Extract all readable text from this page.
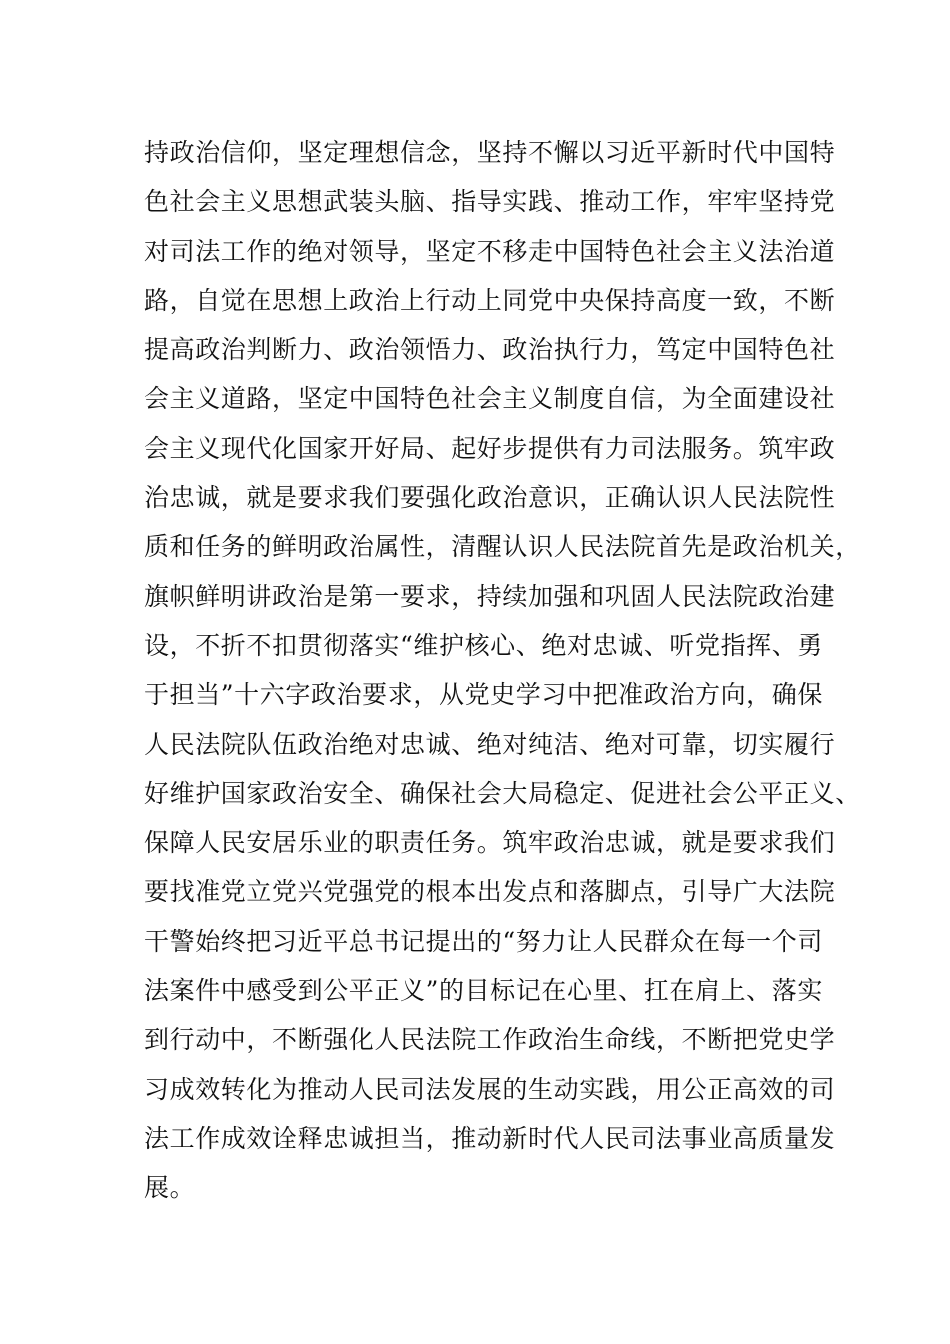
持政治信仰，坚定理想信念，坚持不懈以习近平新时代中国特
色社会主义思想武装头脑、指导实践、推动工作，牢牢坚持党
对司法工作的绝对领导，坚定不移走中国特色社会主义法治道
路，自觉在思想上政治上行动上同党中央保持高度一致，不断
提高政治判断力、政治领悟力、政治执行力，笃定中国特色社
会主义道路，坚定中国特色社会主义制度自信，为全面建设社
会主义现代化国家开好局、起好步提供有力司法服务。筑牢政
治忠诚，就是要求我们要强化政治意识，正确认识人民法院性
质和任务的鲜明政治属性，清醒认识人民法院首先是政治机关，
旗帜鲜明讲政治是第一要求，持续加强和巩固人民法院政治建
设，不折不扣贯彻落实“维护核心、绝对忠诚、听党指挥、勇
于担当”十六字政治要求，从党史学习中把准政治方向，确保
人民法院队伍政治绝对忠诚、绝对纯洁、绝对可靠，切实履行
好维护国家政治安全、确保社会大局稳定、促进社会公平正义、
保障人民安居乐业的职责任务。筑牢政治忠诚，就是要求我们
要找准党立党兴党强党的根本出发点和落脚点，引导广大法院
干警始终把习近平总书记提出的“努力让人民群众在每一个司
法案件中感受到公平正义”的目标记在心里、扛在肩上、落实
到行动中，不断强化人民法院工作政治生命线，不断把党史学
习成效转化为推动人民司法发展的生动实践，用公正高效的司
法工作成效诠释忠诚担当，推动新时代人民司法事业高质量发
展。
